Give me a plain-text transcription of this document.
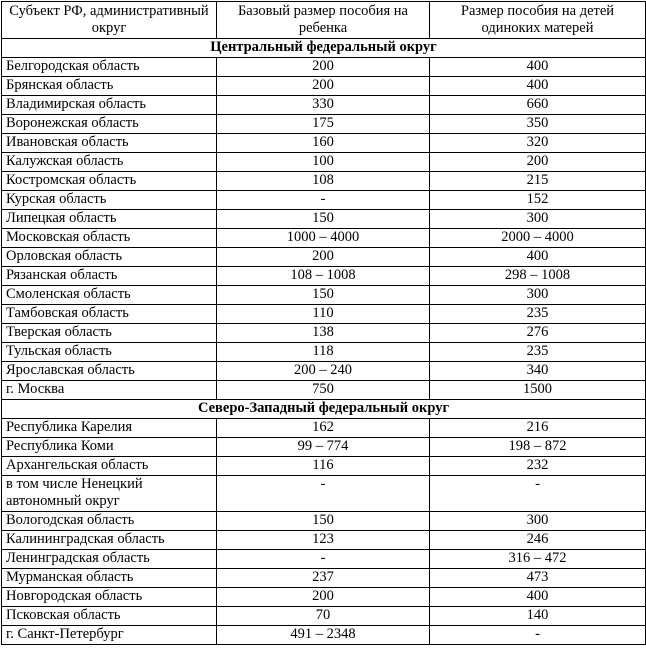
Субъект РФ, административный округ	Базовый размер пособия на ребенка	Размер пособия на детей одиноких матерей
Центральный федеральный округ		
Белгородская область	200	400
Брянская область	200	400
Владимирская область	330	660
Воронежская область	175	350
Ивановская область	160	320
Калужская область	100	200
Костромская область	108	215
Курская область	-	152
Липецкая область	150	300
Московская область	1000 – 4000	2000 – 4000
Орловская область	200	400
Рязанская область	108 – 1008	298 – 1008
Смоленская область	150	300
Тамбовская область	110	235
Тверская область	138	276
Тульская область	118	235
Ярославская область	200 – 240	340
г. Москва	750	1500
Северо-Западный федеральный округ		
Республика Карелия	162	216
Республика Коми	99 – 774	198 – 872
Архангельская область	116	232
в том числе Ненецкий автономный округ	-	-
Вологодская область	150	300
Калининградская область	123	246
Ленинградская область	-	316 – 472
Мурманская область	237	473
Новгородская область	200	400
Псковская область	70	140
г. Санкт-Петербург	491 – 2348	-
